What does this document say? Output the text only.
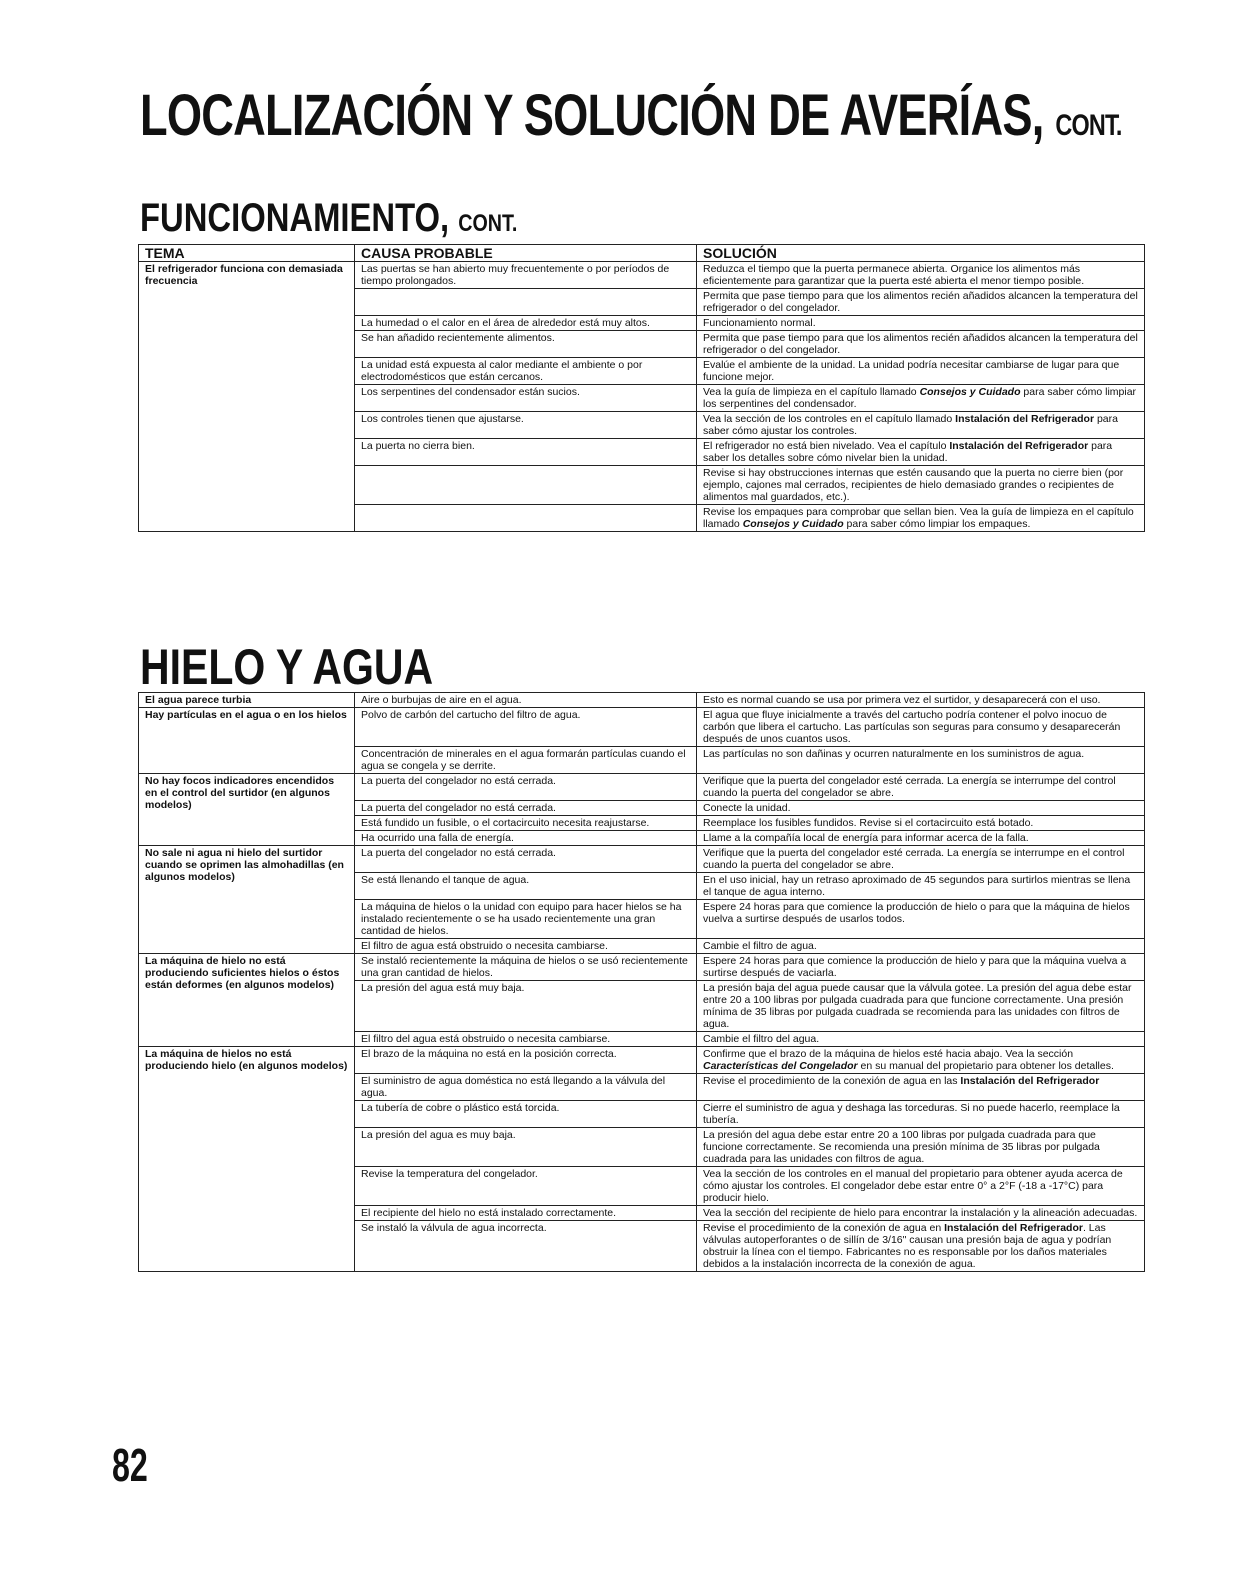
LOCALIZACIÓN Y SOLUCIÓN DE AVERÍAS, CONT.
FUNCIONAMIENTO, CONT.
TEMA	CAUSA PROBABLE	SOLUCIÓN
El refrigerador funciona con demasiada frecuencia	Las puertas se han abierto muy frecuentemente o por períodos de tiempo prolongados.	Reduzca el tiempo que la puerta permanece abierta. Organice los alimentos más eficientemente para garantizar que la puerta esté abierta el menor tiempo posible.
		Permita que pase tiempo para que los alimentos recién añadidos alcancen la temperatura del refrigerador o del congelador.
	La humedad o el calor en el área de alrededor está muy altos.	Funcionamiento normal.
	Se han añadido recientemente alimentos.	Permita que pase tiempo para que los alimentos recién añadidos alcancen la temperatura del refrigerador o del congelador.
	La unidad está expuesta al calor mediante el ambiente o por electrodomésticos que están cercanos.	Evalúe el ambiente de la unidad. La unidad podría necesitar cambiarse de lugar para que funcione mejor.
	Los serpentines del condensador están sucios.	Vea la guía de limpieza en el capítulo llamado Consejos y Cuidado para saber cómo limpiar los serpentines del condensador.
	Los controles tienen que ajustarse.	Vea la sección de los controles en el capítulo llamado Instalación del Refrigerador para saber cómo ajustar los controles.
	La puerta no cierra bien.	El refrigerador no está bien nivelado. Vea el capítulo Instalación del Refrigerador para saber los detalles sobre cómo nivelar bien la unidad.
		Revise si hay obstrucciones internas que estén causando que la puerta no cierre bien (por ejemplo, cajones mal cerrados, recipientes de hielo demasiado grandes o recipientes de alimentos mal guardados, etc.).
		Revise los empaques para comprobar que sellan bien. Vea la guía de limpieza en el capítulo llamado Consejos y Cuidado para saber cómo limpiar los empaques.
HIELO Y AGUA
El agua parece turbia	Aire o burbujas de aire en el agua.	Esto es normal cuando se usa por primera vez el surtidor, y desaparecerá con el uso.
Hay partículas en el agua o en los hielos	Polvo de carbón del cartucho del filtro de agua.	El agua que fluye inicialmente a través del cartucho podría contener el polvo inocuo de carbón que libera el cartucho. Las partículas son seguras para consumo y desaparecerán después de unos cuantos usos.
	Concentración de minerales en el agua formarán partículas cuando el agua se congela y se derrite.	Las partículas no son dañinas y ocurren naturalmente en los suministros de agua.
No hay focos indicadores encendidos en el control del surtidor (en algunos modelos)	La puerta del congelador no está cerrada.	Verifique que la puerta del congelador esté cerrada. La energía se interrumpe del control cuando la puerta del congelador se abre.
	La puerta del congelador no está cerrada.	Conecte la unidad.
	Está fundido un fusible, o el cortacircuito necesita reajustarse.	Reemplace los fusibles fundidos. Revise si el cortacircuito está botado.
	Ha ocurrido una falla de energía.	Llame a la compañía local de energía para informar acerca de la falla.
No sale ni agua ni hielo del surtidor cuando se oprimen las almohadillas (en algunos modelos)	La puerta del congelador no está cerrada.	Verifique que la puerta del congelador esté cerrada. La energía se interrumpe en el control cuando la puerta del congelador se abre.
	Se está llenando el tanque de agua.	En el uso inicial, hay un retraso aproximado de 45 segundos para surtirlos mientras se llena el tanque de agua interno.
	La máquina de hielos o la unidad con equipo para hacer hielos se ha instalado recientemente o se ha usado recientemente una gran cantidad de hielos.	Espere 24 horas para que comience la producción de hielo o para que la máquina de hielos vuelva a surtirse después de usarlos todos.
	El filtro de agua está obstruido o necesita cambiarse.	Cambie el filtro de agua.
La máquina de hielo no está produciendo suficientes hielos o éstos están deformes (en algunos modelos)	Se instaló recientemente la máquina de hielos o se usó recientemente una gran cantidad de hielos.	Espere 24 horas para que comience la producción de hielo y para que la máquina vuelva a surtirse después de vaciarla.
	La presión del agua está muy baja.	La presión baja del agua puede causar que la válvula gotee. La presión del agua debe estar entre 20 a 100 libras por pulgada cuadrada para que funcione correctamente. Una presión mínima de 35 libras por pulgada cuadrada se recomienda para las unidades con filtros de agua.
	El filtro del agua está obstruido o necesita cambiarse.	Cambie el filtro del agua.
La máquina de hielos no está produciendo hielo (en algunos modelos)	El brazo de la máquina no está en la posición correcta.	Confirme que el brazo de la máquina de hielos esté hacia abajo. Vea la sección Características del Congelador en su manual del propietario para obtener los detalles.
	El suministro de agua doméstica no está llegando a la válvula del agua.	Revise el procedimiento de la conexión de agua en las Instalación del Refrigerador
	La tubería de cobre o plástico está torcida.	Cierre el suministro de agua y deshaga las torceduras. Si no puede hacerlo, reemplace la tubería.
	La presión del agua es muy baja.	La presión del agua debe estar entre 20 a 100 libras por pulgada cuadrada para que funcione correctamente. Se recomienda una presión mínima de 35 libras por pulgada cuadrada para las unidades con filtros de agua.
	Revise la temperatura del congelador.	Vea la sección de los controles en el manual del propietario para obtener ayuda acerca de cómo ajustar los controles. El congelador debe estar entre 0° a 2°F (-18 a -17°C) para producir hielo.
	El recipiente del hielo no está instalado correctamente.	Vea la sección del recipiente de hielo para encontrar la instalación y la alineación adecuadas.
	Se instaló la válvula de agua incorrecta.	Revise el procedimiento de la conexión de agua en Instalación del Refrigerador. Las válvulas autoperforantes o de sillín de 3/16" causan una presión baja de agua y podrían obstruir la línea con el tiempo. Fabricantes no es responsable por los daños materiales debidos a la instalación incorrecta de la conexión de agua.

82
